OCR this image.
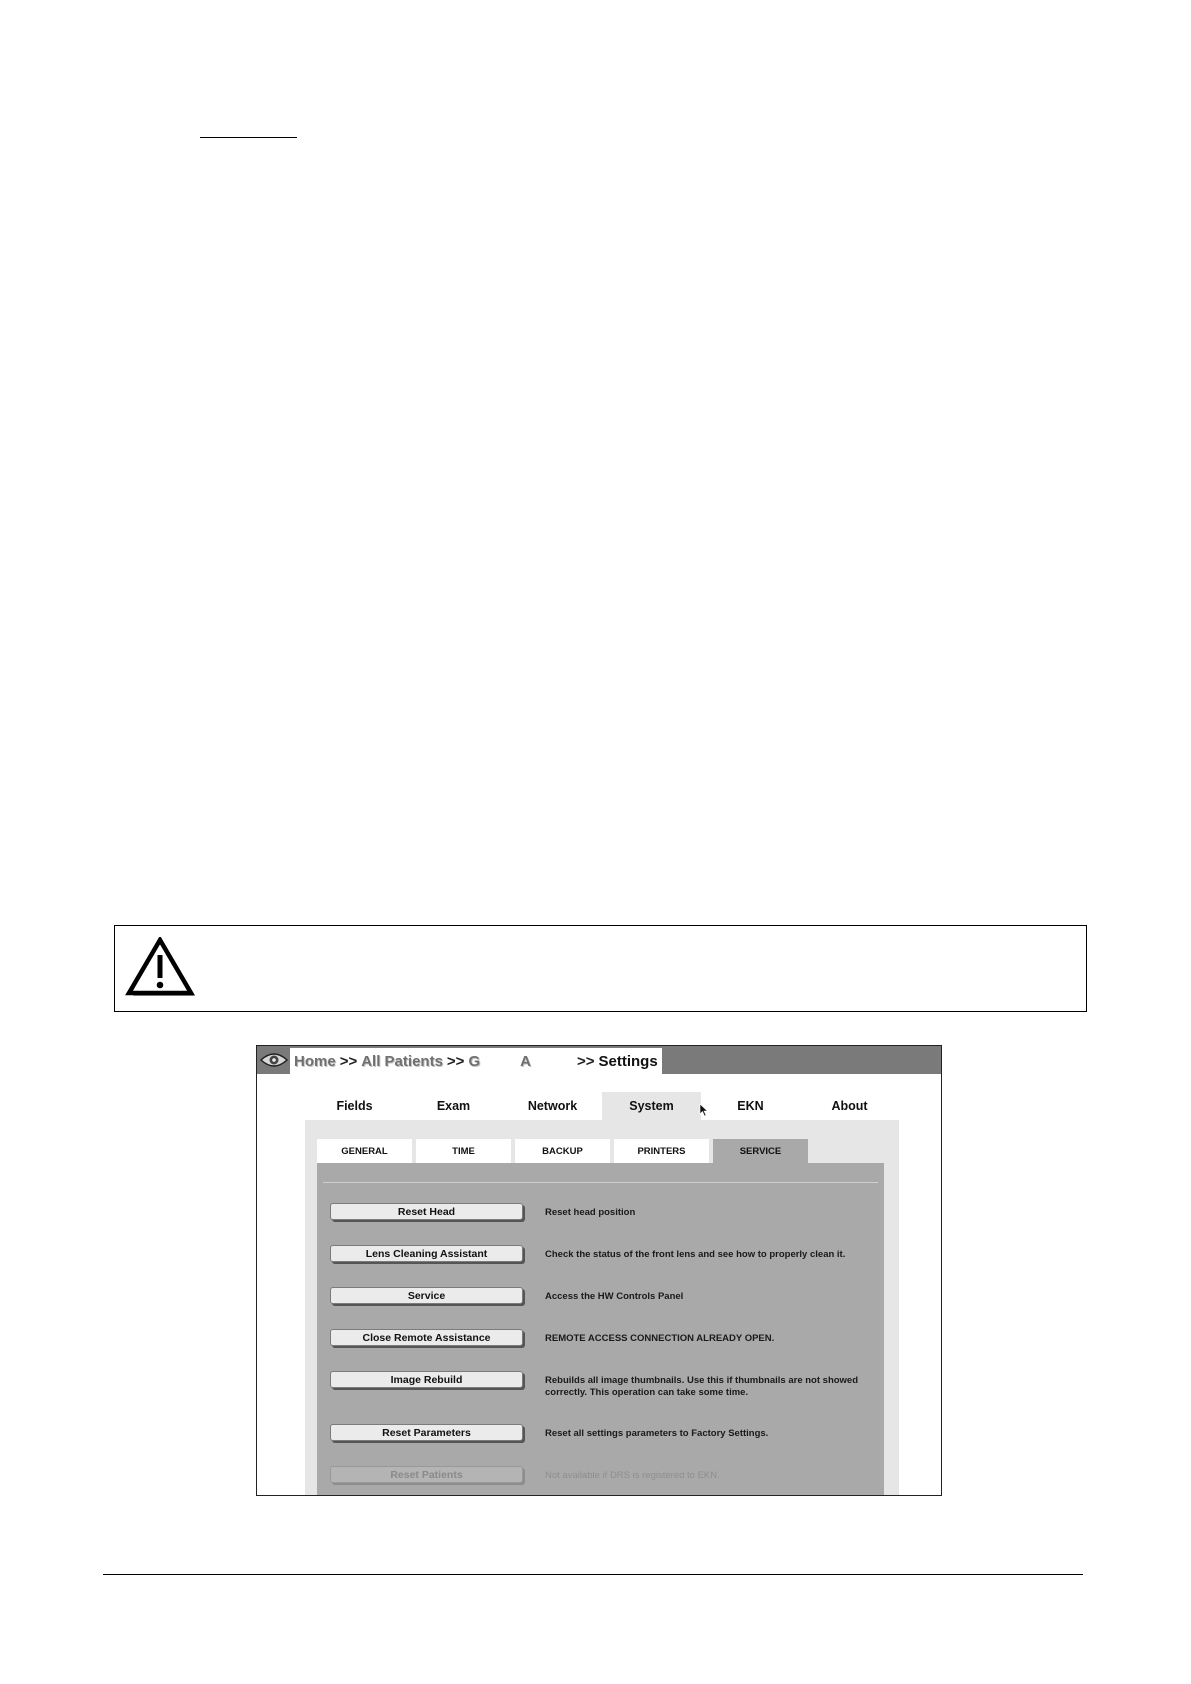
Home >> All Patients >> G	A	>> Settings
Fields	Exam	Network	System	EKN	About
GENERAL	TIME	BACKUP	PRINTERS	SERVICE
Reset Head	Reset head position
Lens Cleaning Assistant	Check the status of the front lens and see how to properly clean it.
Service	Access the HW Controls Panel
Close Remote Assistance	REMOTE ACCESS CONNECTION ALREADY OPEN.
Image Rebuild	Rebuilds all image thumbnails. Use this if thumbnails are not showed correctly. This operation can take some time.
Reset Parameters	Reset all settings parameters to Factory Settings.
Reset Patients	Not available if DRS is registered to EKN.
